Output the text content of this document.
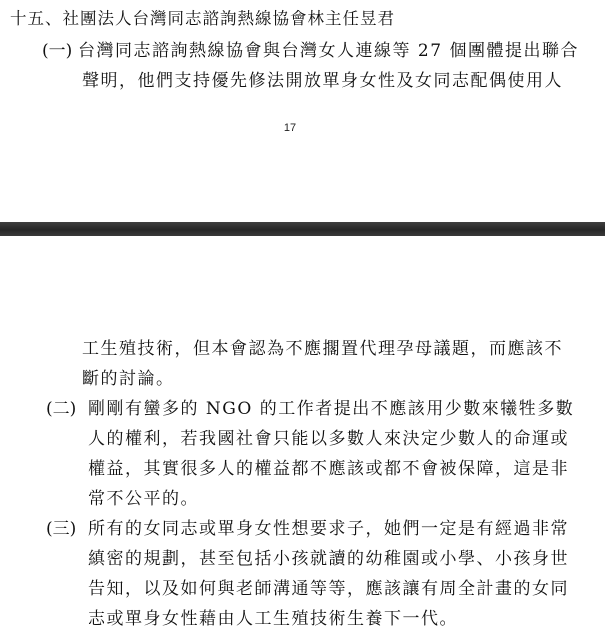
十五、社團法人台灣同志諮詢熱線協會林主任昱君
(一) 台灣同志諮詢熱線協會與台灣女人連線等 27 個團體提出聯合
聲明，他們支持優先修法開放單身女性及女同志配偶使用人
17
工生殖技術，但本會認為不應擱置代理孕母議題，而應該不
斷的討論。
(二) 剛剛有蠻多的 NGO 的工作者提出不應該用少數來犧牲多數
人的權利，若我國社會只能以多數人來決定少數人的命運或
權益，其實很多人的權益都不應該或都不會被保障，這是非
常不公平的。
(三) 所有的女同志或單身女性想要求子，她們一定是有經過非常
縝密的規劃，甚至包括小孩就讀的幼稚園或小學、小孩身世
告知，以及如何與老師溝通等等，應該讓有周全計畫的女同
志或單身女性藉由人工生殖技術生養下一代。
